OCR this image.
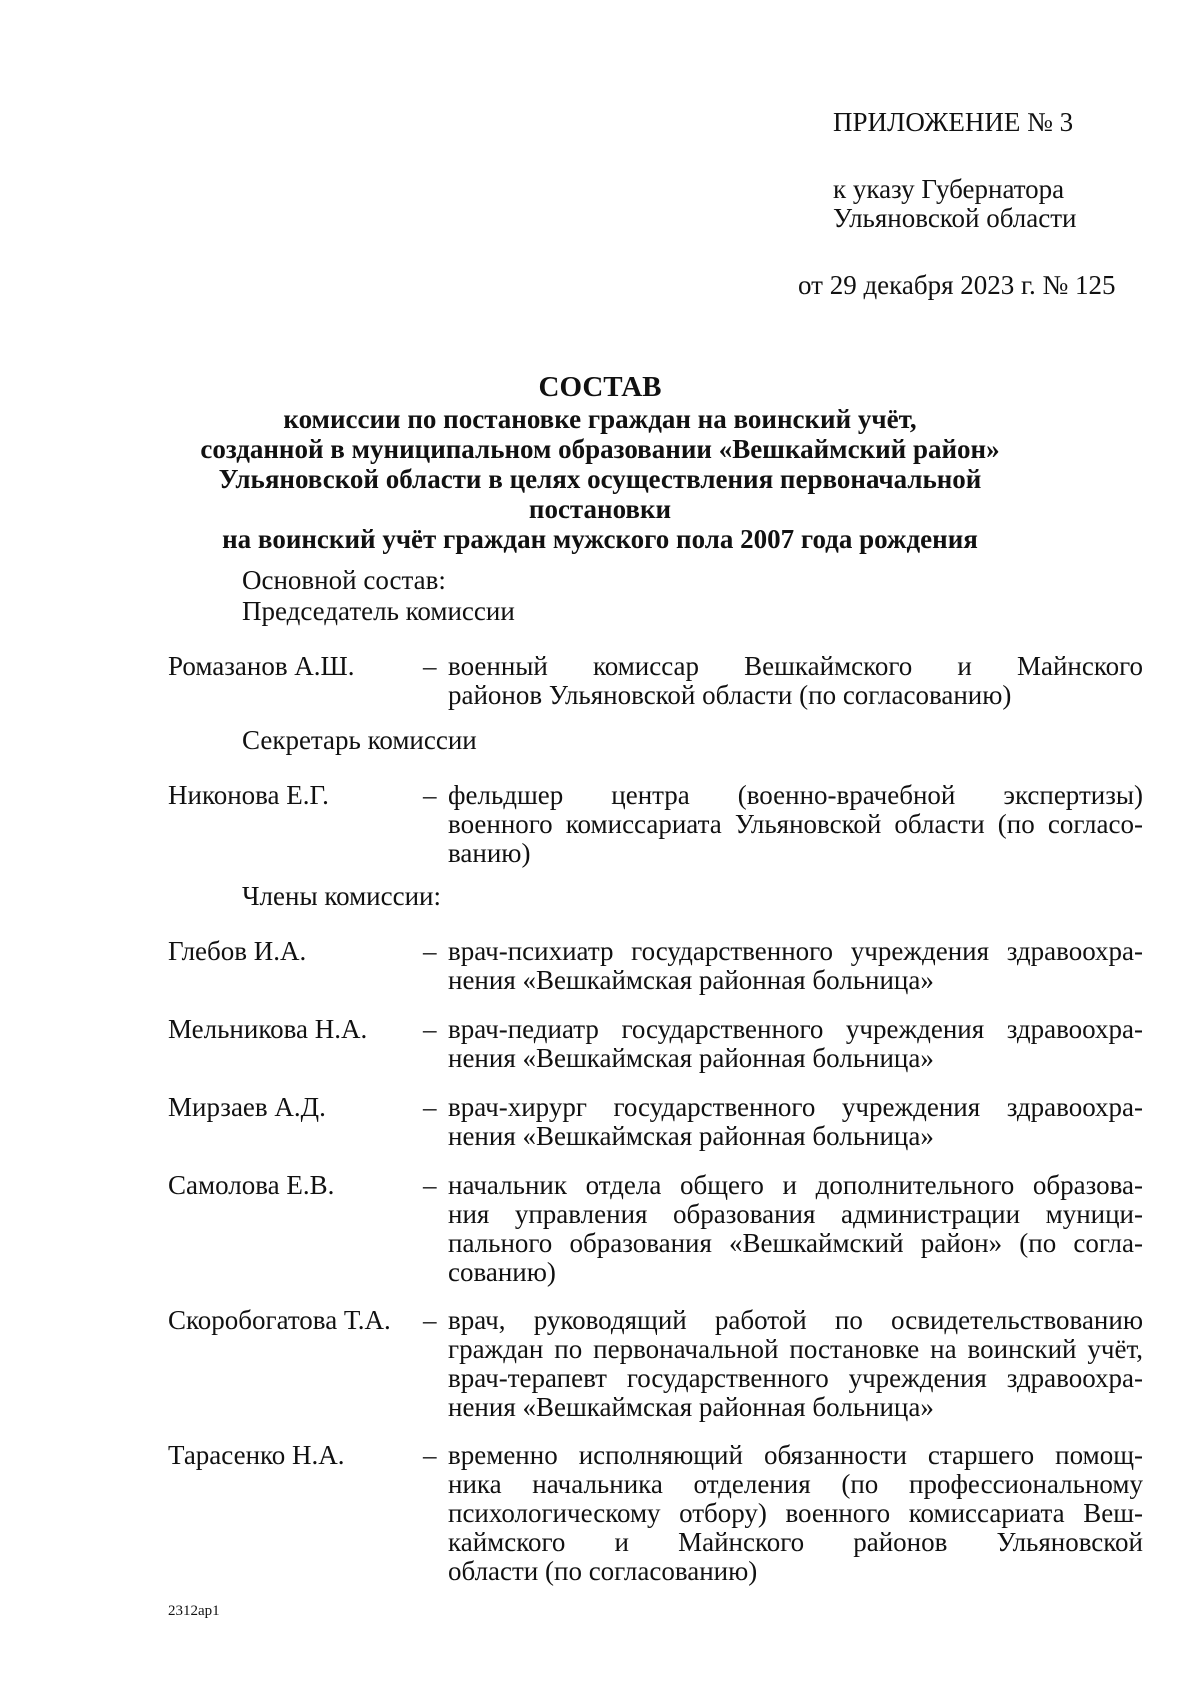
ПРИЛОЖЕНИЕ № 3
к указу Губернатора
Ульяновской области
от 29 декабря 2023 г. № 125
СОСТАВ
комиссии по постановке граждан на воинский учёт,
созданной в муниципальном образовании «Вешкаймский район»
Ульяновской области в целях осуществления первоначальной постановки
на воинский учёт граждан мужского пола 2007 года рождения
Основной состав:
Председатель комиссии
Секретарь комиссии
Члены комиссии:
Ромазанов А.Ш.	– военный комиссар Вешкаймского и Майнского
районов Ульяновской области (по согласованию)
Никонова Е.Г.	– фельдшер центра (военно-врачебной экспертизы)
военного комиссариата Ульяновской области (по согласо-
ванию)
Глебов И.А.	– врач-психиатр государственного учреждения здравоохра-
нения «Вешкаймская районная больница»
Мельникова Н.А.	– врач-педиатр государственного учреждения здравоохра-
нения «Вешкаймская районная больница»
Мирзаев А.Д.	– врач-хирург государственного учреждения здравоохра-
нения «Вешкаймская районная больница»
Самолова Е.В.	– начальник отдела общего и дополнительного образова-
ния управления образования администрации муници-
пального образования «Вешкаймский район» (по согла-
сованию)
Скоробогатова Т.А.	– врач, руководящий работой по освидетельствованию
граждан по первоначальной постановке на воинский учёт,
врач-терапевт государственного учреждения здравоохра-
нения «Вешкаймская районная больница»
Тарасенко Н.А.	– временно исполняющий обязанности старшего помощ-
ника начальника отделения (по профессиональному
психологическому отбору) военного комиссариата Веш-
каймского и Майнского районов Ульяновской
области (по согласованию)
2312ap1
